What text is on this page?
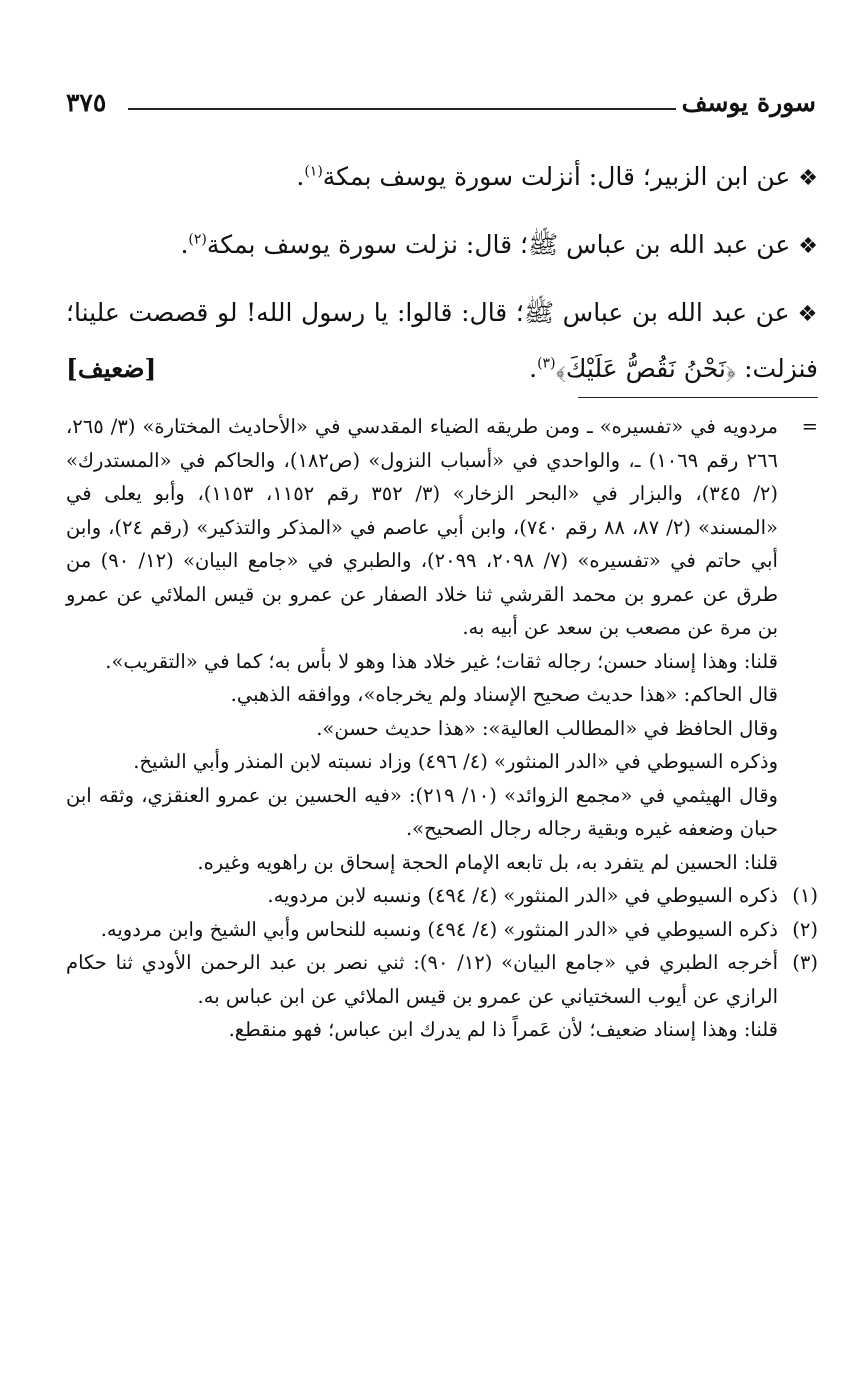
سورة يوسف
٣٧٥

❖عن ابن الزبير؛ قال: أنزلت سورة يوسف بمكة$^{(١)}$.

❖عن عبد الله بن عباس ﷺ؛ قال: نزلت سورة يوسف بمكة$^{(٢)}$.

❖عن عبد الله بن عباس ﷺ؛ قال: قالوا: يا رسول الله! لو قصصت علينا؛ فنزلت: ﴿نَحْنُ نَقُصُّ عَلَيْكَ﴾$^{(٣)}$.
[ضعيف]

=
مردويه في «تفسيره» ـ ومن طريقه الضياء المقدسي في «الأحاديث المختارة» (٣/ ٢٦٥، ٢٦٦ رقم ١٠٦٩) ـ، والواحدي في «أسباب النزول» (ص١٨٢)، والحاكم في «المستدرك» (٢/ ٣٤٥)، والبزار في «البحر الزخار» (٣/ ٣٥٢ رقم ١١٥٢، ١١٥٣)، وأبو يعلى في «المسند» (٢/ ٨٧، ٨٨ رقم ٧٤٠)، وابن أبي عاصم في «المذكر والتذكير» (رقم ٢٤)، وابن أبي حاتم في «تفسيره» (٧/ ٢٠٩٨، ٢٠٩٩)، والطبري في «جامع البيان» (١٢/ ٩٠) من طرق عن عمرو بن محمد القرشي ثنا خلاد الصفار عن عمرو بن قيس الملائي عن عمرو بن مرة عن مصعب بن سعد عن أبيه به.

قلنا: وهذا إسناد حسن؛ رجاله ثقات؛ غير خلاد هذا وهو لا بأس به؛ كما في «التقريب».

قال الحاكم: «هذا حديث صحيح الإسناد ولم يخرجاه»، ووافقه الذهبي.

وقال الحافظ في «المطالب العالية»: «هذا حديث حسن».

وذكره السيوطي في «الدر المنثور» (٤/ ٤٩٦) وزاد نسبته لابن المنذر وأبي الشيخ.

وقال الهيثمي في «مجمع الزوائد» (١٠/ ٢١٩): «فيه الحسين بن عمرو العنقزي، وثقه ابن حبان وضعفه غيره وبقية رجاله رجال الصحيح».

قلنا: الحسين لم يتفرد به، بل تابعه الإمام الحجة إسحاق بن راهويه وغيره.

(١)
ذكره السيوطي في «الدر المنثور» (٤/ ٤٩٤) ونسبه لابن مردويه.

(٢)
ذكره السيوطي في «الدر المنثور» (٤/ ٤٩٤) ونسبه للنحاس وأبي الشيخ وابن مردويه.

(٣)
أخرجه الطبري في «جامع البيان» (١٢/ ٩٠): ثني نصر بن عبد الرحمن الأودي ثنا حكام الرازي عن أيوب السختياني عن عمرو بن قيس الملائي عن ابن عباس به.

قلنا: وهذا إسناد ضعيف؛ لأن عَمراً ذا لم يدرك ابن عباس؛ فهو منقطع.
